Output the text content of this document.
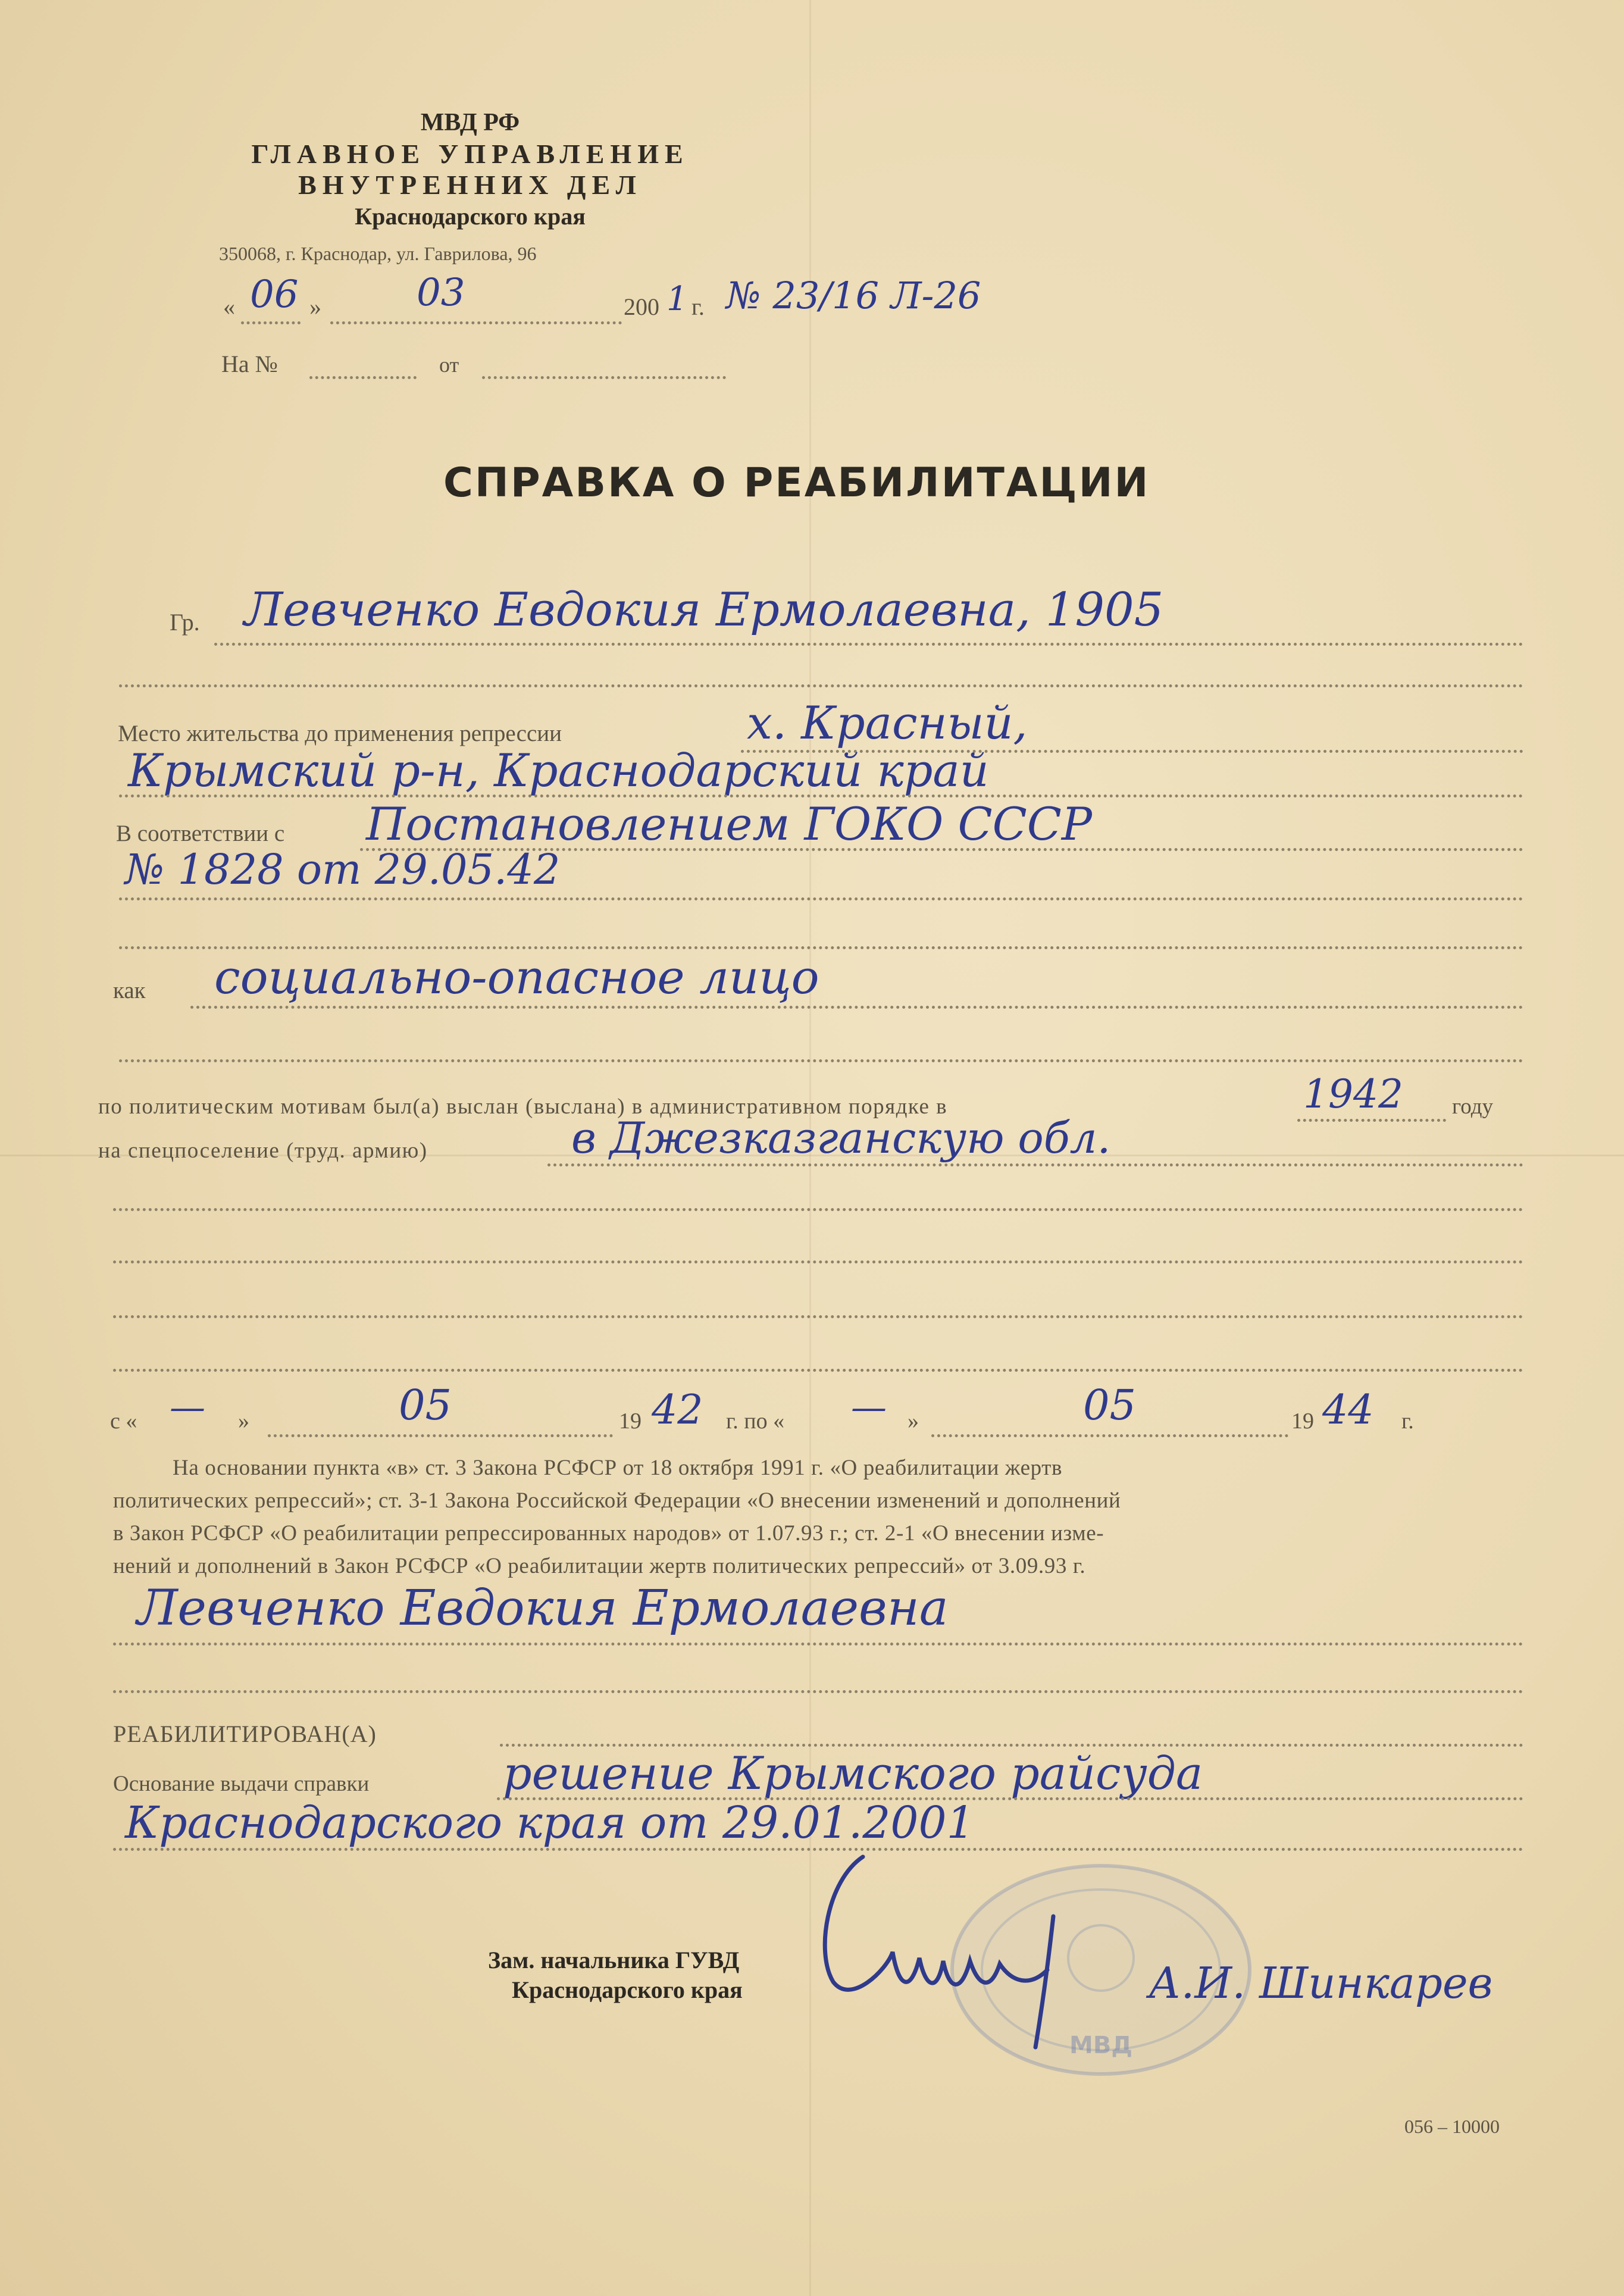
МВД РФ
ГЛАВНОЕ УПРАВЛЕНИЕ
ВНУТРЕННИХ ДЕЛ
Краснодарского края
350068, г. Краснодар, ул. Гаврилова, 96
« 06 »	03	200 1 г. № 23/16 Л-26
На №	от
СПРАВКА О РЕАБИЛИТАЦИИ
Гр. Левченко Евдокия Ермолаевна, 1905
Место жительства до применения репрессии	х. Красный,
Крымский р-н, Краснодарский край
В соответствии с Постановлением ГОКО СССР
№ 1828 от 29.05.42
как социально-опасное лицо
по политическим мотивам был(а) выслан (выслана) в административном порядке в	1942 году
на спецпоселение (труд. армию)	в Джезказганскую обл.
с « — »	05	19 42 г. по « — »	05	19 44 г.
На основании пункта «в» ст. 3 Закона РСФСР от 18 октября 1991 г. «О реабилитации жертв
политических репрессий»; ст. 3-1 Закона Российской Федерации «О внесении изменений и дополнений
в Закон РСФСР «О реабилитации репрессированных народов» от 1.07.93 г.; ст. 2-1 «О внесении изме-
нений и дополнений в Закон РСФСР «О реабилитации жертв политических репрессий» от 3.09.93 г.
Левченко Евдокия Ермолаевна
РЕАБИЛИТИРОВАН(А)
Основание выдачи справки	решение Крымского райсуда
Краснодарского края от 29.01.2001
МВД
Зам. начальника ГУВД
Краснодарского края	А.И. Шинкарев
056 – 10000
